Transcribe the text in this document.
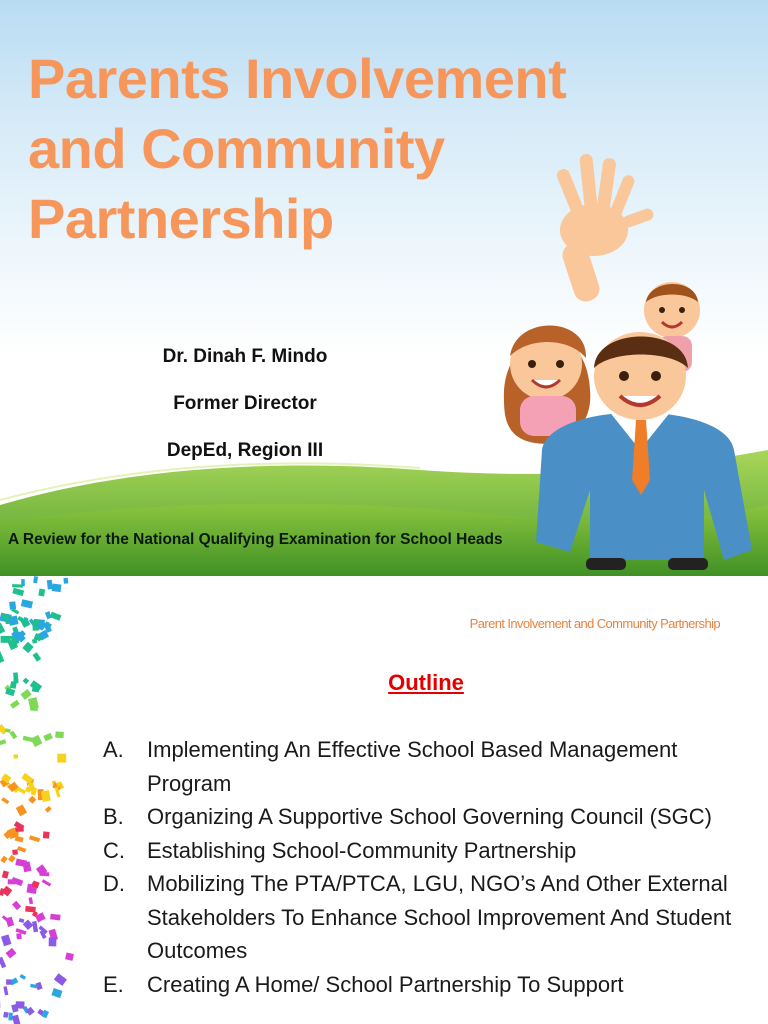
Parents Involvement
and Community
Partnership
Dr. Dinah F. Mindo
Former Director
DepEd, Region III

A Review for the National Qualifying Examination for School Heads

Parent Involvement and Community Partnership
Outline
A. Implementing An Effective School Based Management Program
B. Organizing A Supportive School Governing Council (SGC)
C. Establishing School-Community Partnership
D. Mobilizing The PTA/PTCA, LGU, NGO’s And Other External Stakeholders To Enhance School Improvement And Student Outcomes
E. Creating A Home/ School Partnership To Support
